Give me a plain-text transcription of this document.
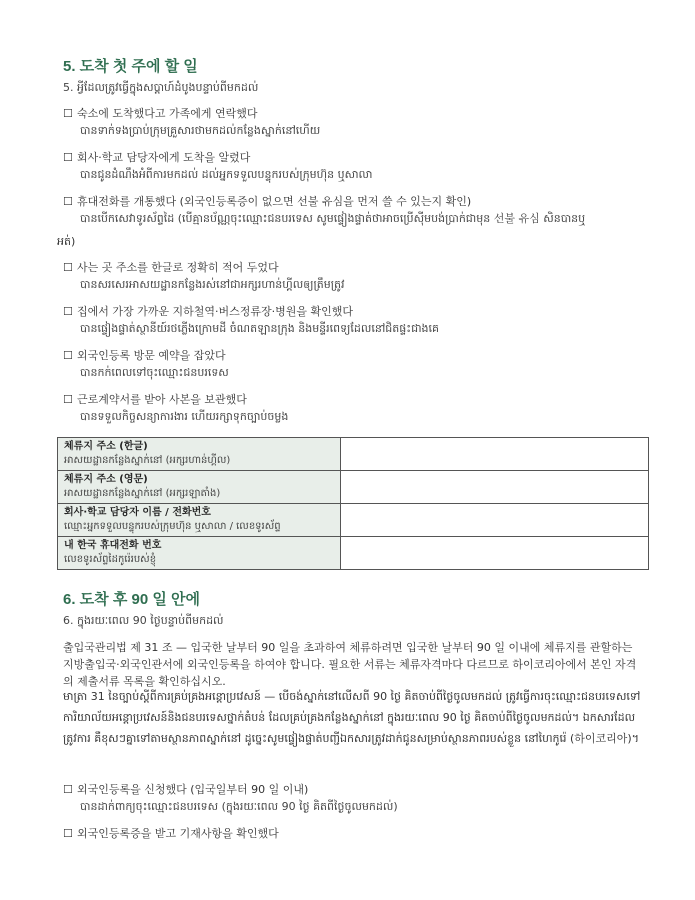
5. 도착 첫 주에 할 일

5. អ្វីដែលត្រូវធ្វើក្នុងសប្ដាហ៍ដំបូងបន្ទាប់ពីមកដល់

☐ 숙소에 도착했다고 가족에게 연락했다
បានទាក់ទងប្រាប់ក្រុមគ្រួសារថាមកដល់កន្លែងស្នាក់នៅហើយ
☐ 회사·학교 담당자에게 도착을 알렸다
បានជូនដំណឹងអំពីការមកដល់ ដល់អ្នកទទួលបន្ទុករបស់ក្រុមហ៊ុន ឬសាលា
☐ 휴대전화를 개통했다 (외국인등록증이 없으면 선불 유심을 먼저 쓸 수 있는지 확인)
បានបើកសេវាទូរស័ព្ទដៃ (បើគ្មានប័ណ្ណចុះឈ្មោះជនបរទេស សូមផ្ទៀងផ្ទាត់ថាអាចប្រើស៊ីមបង់ប្រាក់ជាមុន 선불 유심 សិនបានឬ
អត់)
☐ 사는 곳 주소를 한글로 정확히 적어 두었다
បានសរសេរអាសយដ្ឋានកន្លែងរស់នៅជាអក្សរហាន់ហ្គីលឲ្យត្រឹមត្រូវ
☐ 집에서 가장 가까운 지하철역·버스정류장·병원을 확인했다
បានផ្ទៀងផ្ទាត់ស្ថានីយ៍រថភ្លើងក្រោមដី ចំណតឡានក្រុង និងមន្ទីរពេទ្យដែលនៅជិតផ្ទះជាងគេ
☐ 외국인등록 방문 예약을 잡았다
បានកក់ពេលទៅចុះឈ្មោះជនបរទេស
☐ 근로계약서를 받아 사본을 보관했다
បានទទួលកិច្ចសន្យាការងារ ហើយរក្សាទុកច្បាប់ចម្លង
체류지 주소 (한글)
អាសយដ្ឋានកន្លែងស្នាក់នៅ (អក្សរហាន់ហ្គីល)	

체류지 주소 (영문)
អាសយដ្ឋានកន្លែងស្នាក់នៅ (អក្សរឡាតាំង)	

회사·학교 담당자 이름 / 전화번호
ឈ្មោះអ្នកទទួលបន្ទុករបស់ក្រុមហ៊ុន ឬសាលា / លេខទូរស័ព្ទ	

내 한국 휴대전화 번호
លេខទូរស័ព្ទដៃកូរ៉េរបស់ខ្ញុំ	

6. 도착 후 90 일 안에

6. ក្នុងរយៈពេល 90 ថ្ងៃបន្ទាប់ពីមកដល់

출입국관리법 제 31 조 — 입국한 날부터 90 일을 초과하여 체류하려면 입국한 날부터 90 일 이내에 체류지를 관할하는 지방출입국·외국인관서에 외국인등록을 하여야 합니다. 필요한 서류는 체류자격마다 다르므로 하이코리아에서 본인 자격의 제출서류 목록을 확인하십시오.
មាត្រា 31 នៃច្បាប់ស្ដីពីការគ្រប់គ្រងអន្តោប្រវេសន៍ — បើចង់ស្នាក់នៅលើសពី 90 ថ្ងៃ គិតចាប់ពីថ្ងៃចូលមកដល់ ត្រូវធ្វើការចុះឈ្មោះជនបរទេសទៅការិយាល័យអន្តោប្រវេសន៍និងជនបរទេសថ្នាក់តំបន់ ដែលគ្រប់គ្រងកន្លែងស្នាក់នៅ ក្នុងរយៈពេល 90 ថ្ងៃ គិតចាប់ពីថ្ងៃចូលមកដល់។ ឯកសារដែលត្រូវការ គឺខុសៗគ្នាទៅតាមស្ថានភាពស្នាក់នៅ ដូច្នេះសូមផ្ទៀងផ្ទាត់បញ្ជីឯកសារត្រូវដាក់ជូនសម្រាប់ស្ថានភាពរបស់ខ្លួន នៅហៃកូរ៉េ (하이코리아)។
☐ 외국인등록을 신청했다 (입국일부터 90 일 이내)
បានដាក់ពាក្យចុះឈ្មោះជនបរទេស (ក្នុងរយៈពេល 90 ថ្ងៃ គិតពីថ្ងៃចូលមកដល់)
☐ 외국인등록증을 받고 기재사항을 확인했다
